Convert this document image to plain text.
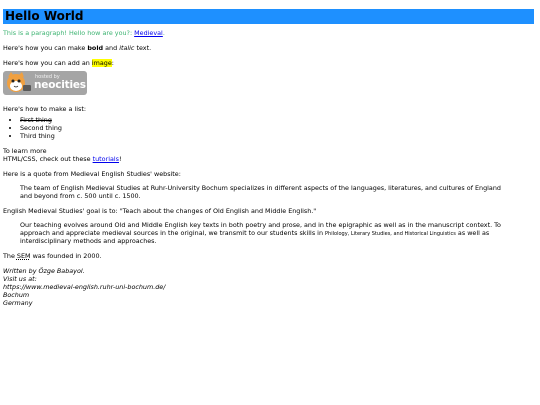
Hello World

This is a paragraph! Hello how are you?: Medieval.

Here's how you can make bold and italic text.

Here's how you can add an image:

hosted by
neocities

Here's how to make a list:

• First thing
• Second thing
• Third thing

To learn more
HTML/CSS, check out these tutorials!

Here is a quote from Medieval English Studies' website:

The team of English Medieval Studies at Ruhr-University Bochum specializes in different aspects of the languages, literatures, and cultures of England and beyond from c. 500 until c. 1500.

English Medieval Studies' goal is to: "Teach about the changes of Old English and Middle English."

Our teaching evolves around Old and Middle English key texts in both poetry and prose, and in the epigraphic as well as in the manuscript context. To approach and appreciate medieval sources in the original, we transmit to our students skills in Philology, Literary Studies, and Historical Linguistics as well as interdisciplinary methods and approaches.

The SEM was founded in 2000.

Written by Özge Babayol.
Visit us at:
https://www.medieval-english.ruhr-uni-bochum.de/
Bochum
Germany
